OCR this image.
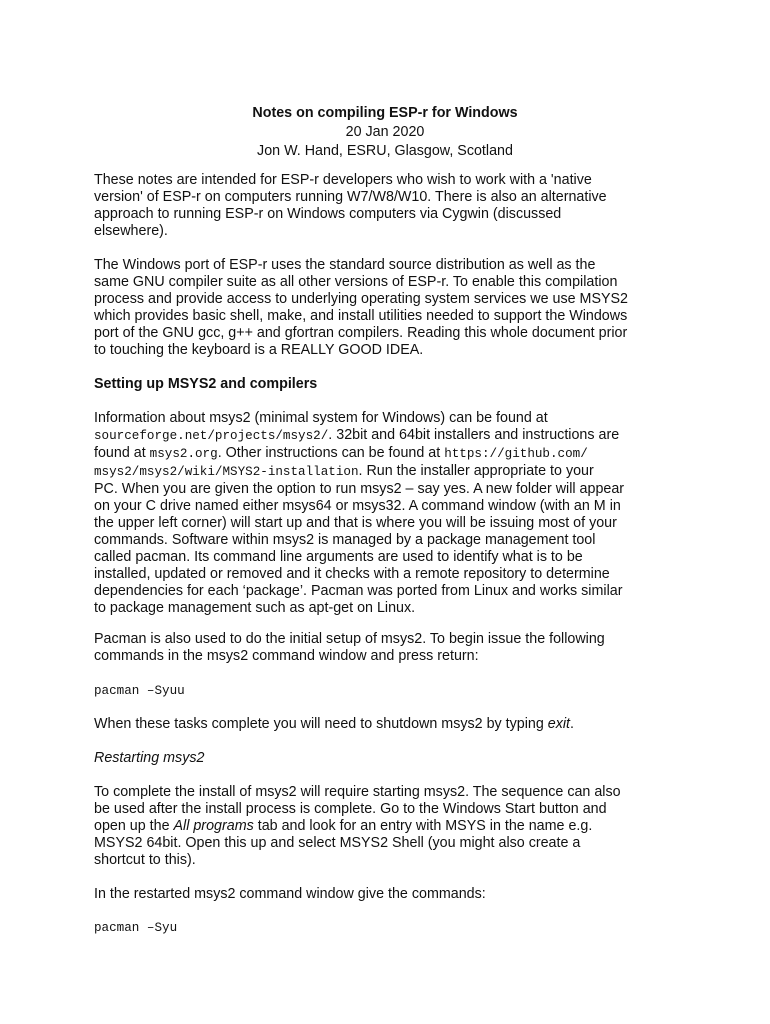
Notes on compiling ESP-r for Windows
20 Jan 2020
Jon W. Hand, ESRU, Glasgow, Scotland
These notes are intended for ESP-r developers who wish to work with a 'native
version' of ESP-r on computers running W7/W8/W10. There is also an alternative
approach to running ESP-r on Windows computers via Cygwin (discussed
elsewhere).
The Windows port of ESP-r uses the standard source distribution as well as the
same GNU compiler suite as all other versions of ESP-r. To enable this compilation
process and provide access to underlying operating system services we use MSYS2
which provides basic shell, make, and install utilities needed to support the Windows
port of the GNU gcc, g++ and gfortran compilers. Reading this whole document prior
to touching the keyboard is a REALLY GOOD IDEA.
Setting up MSYS2 and compilers
Information about msys2 (minimal system for Windows) can be found at
sourceforge.net/projects/msys2/. 32bit and 64bit installers and instructions are
found at msys2.org. Other instructions can be found at https://github.com/
msys2/msys2/wiki/MSYS2-installation. Run the installer appropriate to your
PC. When you are given the option to run msys2 – say yes. A new folder will appear
on your C drive named either msys64 or msys32. A command window (with an M in
the upper left corner) will start up and that is where you will be issuing most of your
commands. Software within msys2 is managed by a package management tool
called pacman. Its command line arguments are used to identify what is to be
installed, updated or removed and it checks with a remote repository to determine
dependencies for each ‘package’. Pacman was ported from Linux and works similar
to package management such as apt-get on Linux.
Pacman is also used to do the initial setup of msys2. To begin issue the following
commands in the msys2 command window and press return:
pacman –Syuu
When these tasks complete you will need to shutdown msys2 by typing exit.
Restarting msys2
To complete the install of msys2 will require starting msys2. The sequence can also
be used after the install process is complete. Go to the Windows Start button and
open up the All programs tab and look for an entry with MSYS in the name e.g.
MSYS2 64bit. Open this up and select MSYS2 Shell (you might also create a
shortcut to this).
In the restarted msys2 command window give the commands:
pacman –Syu
